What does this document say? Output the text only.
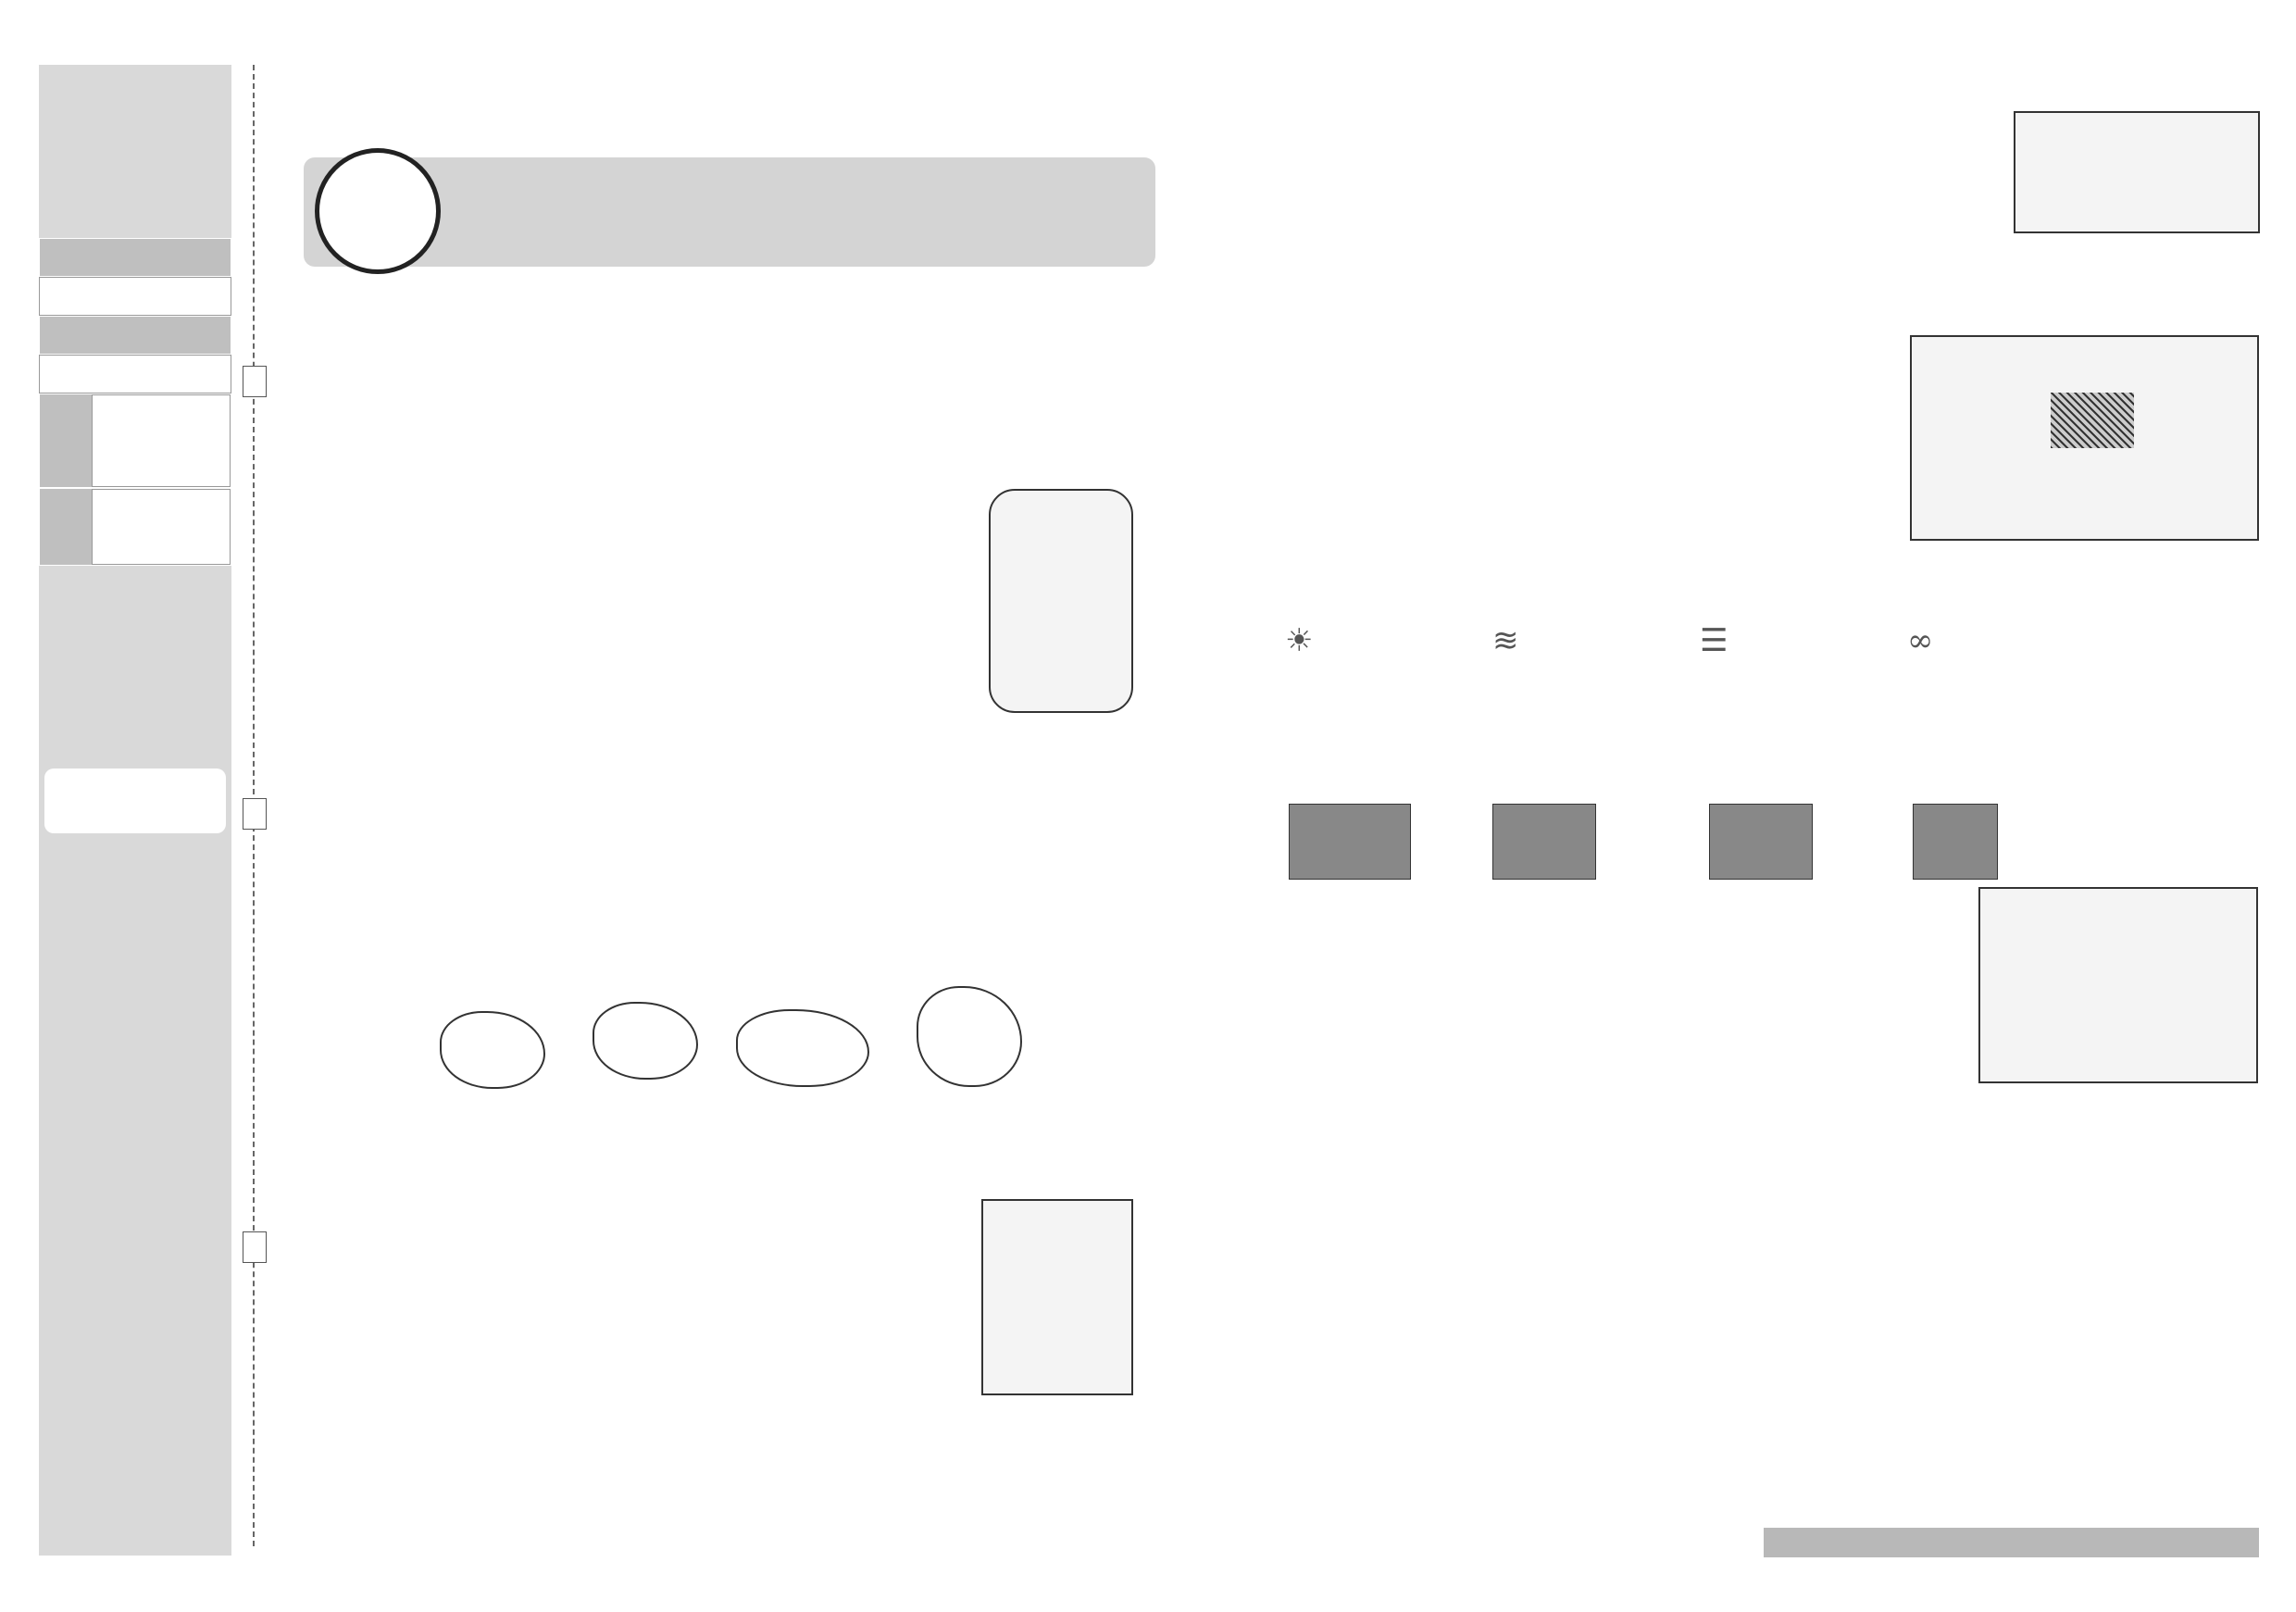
☀	≋	☰	∞
